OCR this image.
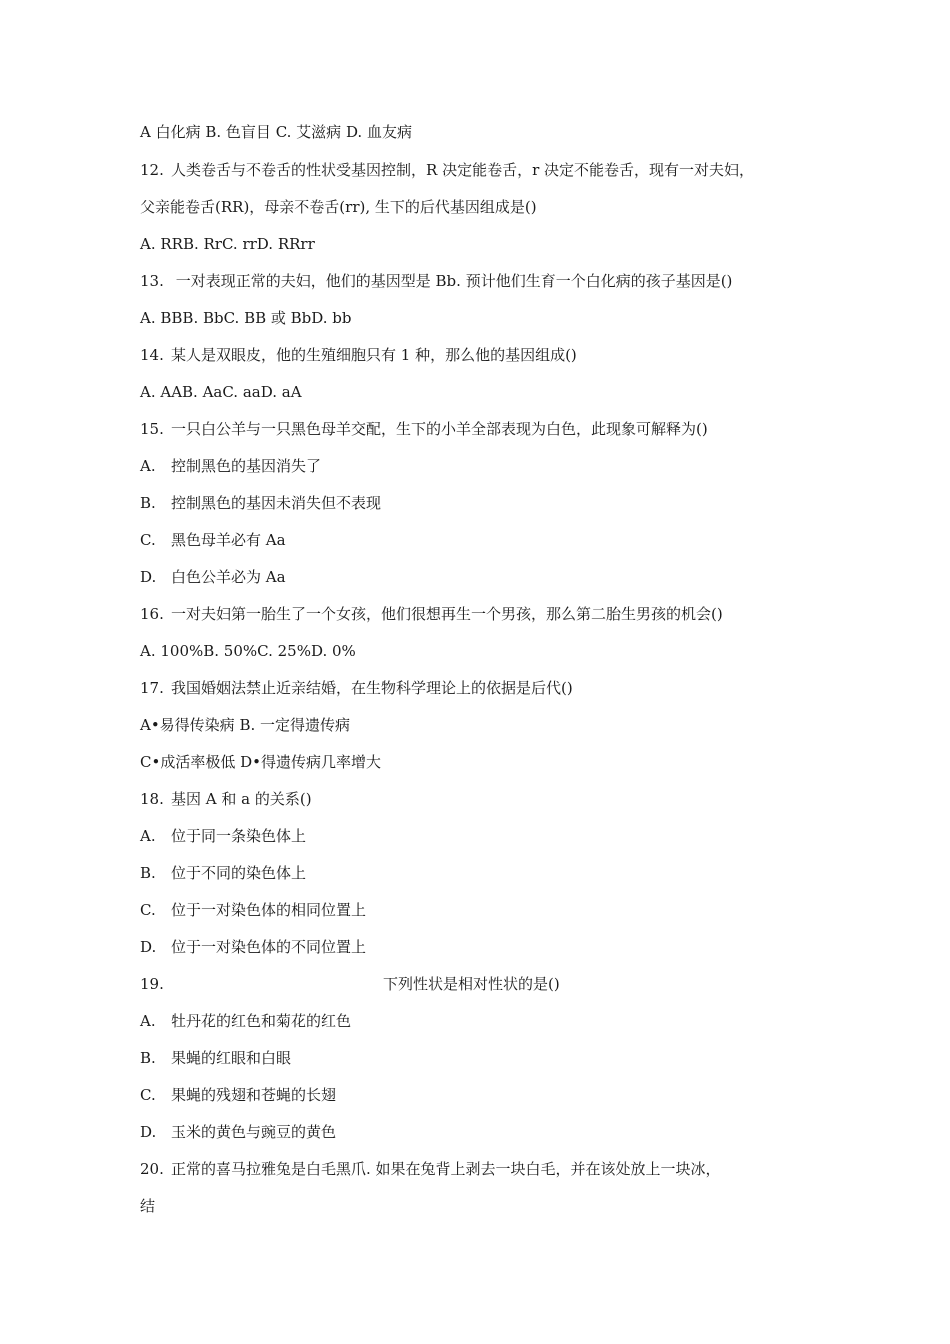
A 白化病 B. 色盲目 C. 艾滋病 D. 血友病
12. 人类卷舌与不卷舌的性状受基因控制，R 决定能卷舌，r 决定不能卷舌，现有一对夫妇，
父亲能卷舌(RR)，母亲不卷舌(rr), 生下的后代基因组成是()
A. RRB. RrC. rrD. RRrr
13. 一对表现正常的夫妇，他们的基因型是 Bb. 预计他们生育一个白化病的孩子基因是()
A. BBB. BbC. BB 或 BbD. bb
14. 某人是双眼皮，他的生殖细胞只有 1 种，那么他的基因组成()
A. AAB. AaC. aaD. aA
15. 一只白公羊与一只黑色母羊交配，生下的小羊全部表现为白色，此现象可解释为()
A. 控制黑色的基因消失了
B. 控制黑色的基因未消失但不表现
C. 黑色母羊必有 Aa
D. 白色公羊必为 Aa
16. 一对夫妇第一胎生了一个女孩，他们很想再生一个男孩，那么第二胎生男孩的机会()
A. 100%B. 50%C. 25%D. 0%
17. 我国婚姻法禁止近亲结婚，在生物科学理论上的依据是后代()
A•易得传染病 B. 一定得遗传病
C•成活率极低 D•得遗传病几率增大
18. 基因 A 和 a 的关系()
A. 位于同一条染色体上
B. 位于不同的染色体上
C. 位于一对染色体的相同位置上
D. 位于一对染色体的不同位置上
19.	下列性状是相对性状的是()
A. 牡丹花的红色和菊花的红色
B. 果蝇的红眼和白眼
C. 果蝇的残翅和苍蝇的长翅
D. 玉米的黄色与豌豆的黄色
20. 正常的喜马拉雅兔是白毛黑爪. 如果在兔背上剥去一块白毛，并在该处放上一块冰，
结
